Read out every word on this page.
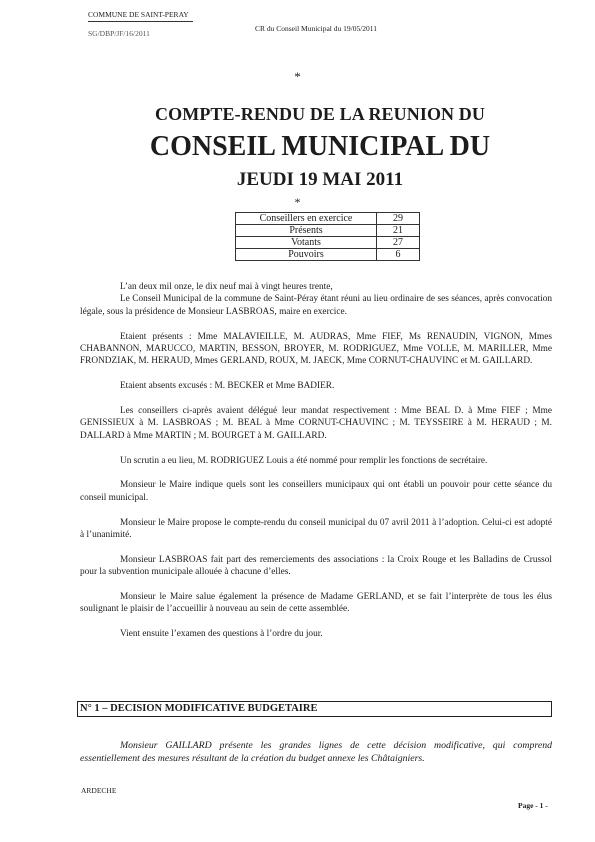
COMMUNE DE SAINT-PERAY
SG/DBP/JF/16/2011
CR du Conseil Municipal du 19/05/2011
*
COMPTE-RENDU DE LA REUNION DU
CONSEIL MUNICIPAL DU
JEUDI 19 MAI 2011
*
Conseillers en exercice	29
Présents	21
Votants	27
Pouvoirs	6

L’an deux mil onze, le dix neuf mai à vingt heures trente,

Le Conseil Municipal de la commune de Saint-Péray étant réuni au lieu ordinaire de ses séances, après convocation légale, sous la présidence de Monsieur LASBROAS, maire en exercice.

Etaient présents : Mme MALAVIEILLE, M. AUDRAS, Mme FIEF, Ms RENAUDIN, VIGNON, Mmes CHABANNON, MARUCCO, MARTIN, BESSON, BROYER, M. RODRIGUEZ, Mme VOLLE, M. MARILLER, Mme FRONDZIAK, M. HERAUD, Mmes GERLAND, ROUX, M. JAECK, Mme CORNUT-CHAUVINC et M. GAILLARD.

Etaient absents excusés : M. BECKER et Mme BADIER.

Les conseillers ci-après avaient délégué leur mandat respectivement : Mme BEAL D. à Mme FIEF ; Mme GENISSIEUX à M. LASBROAS ; M. BEAL à Mme CORNUT-CHAUVINC ; M. TEYSSEIRE à M. HERAUD ; M. DALLARD à Mme MARTIN ; M. BOURGET à M. GAILLARD.

Un scrutin a eu lieu, M. RODRIGUEZ Louis a été nommé pour remplir les fonctions de secrétaire.

Monsieur le Maire indique quels sont les conseillers municipaux qui ont établi un pouvoir pour cette séance du conseil municipal.

Monsieur le Maire propose le compte-rendu du conseil municipal du 07 avril 2011 à l’adoption. Celui-ci est adopté à l’unanimité.

Monsieur LASBROAS fait part des remerciements des associations : la Croix Rouge et les Balladins de Crussol pour la subvention municipale allouée à chacune d’elles.

Monsieur le Maire salue également la présence de Madame GERLAND, et se fait l’interprète de tous les élus soulignant le plaisir de l’accueillir à nouveau au sein de cette assemblée.

Vient ensuite l’examen des questions à l’ordre du jour.

N° 1 – DECISION MODIFICATIVE BUDGETAIRE
Monsieur GAILLARD présente les grandes lignes de cette décision modificative, qui comprend essentiellement des mesures résultant de la création du budget annexe les Châtaigniers.
ARDECHE
Page - 1 -
